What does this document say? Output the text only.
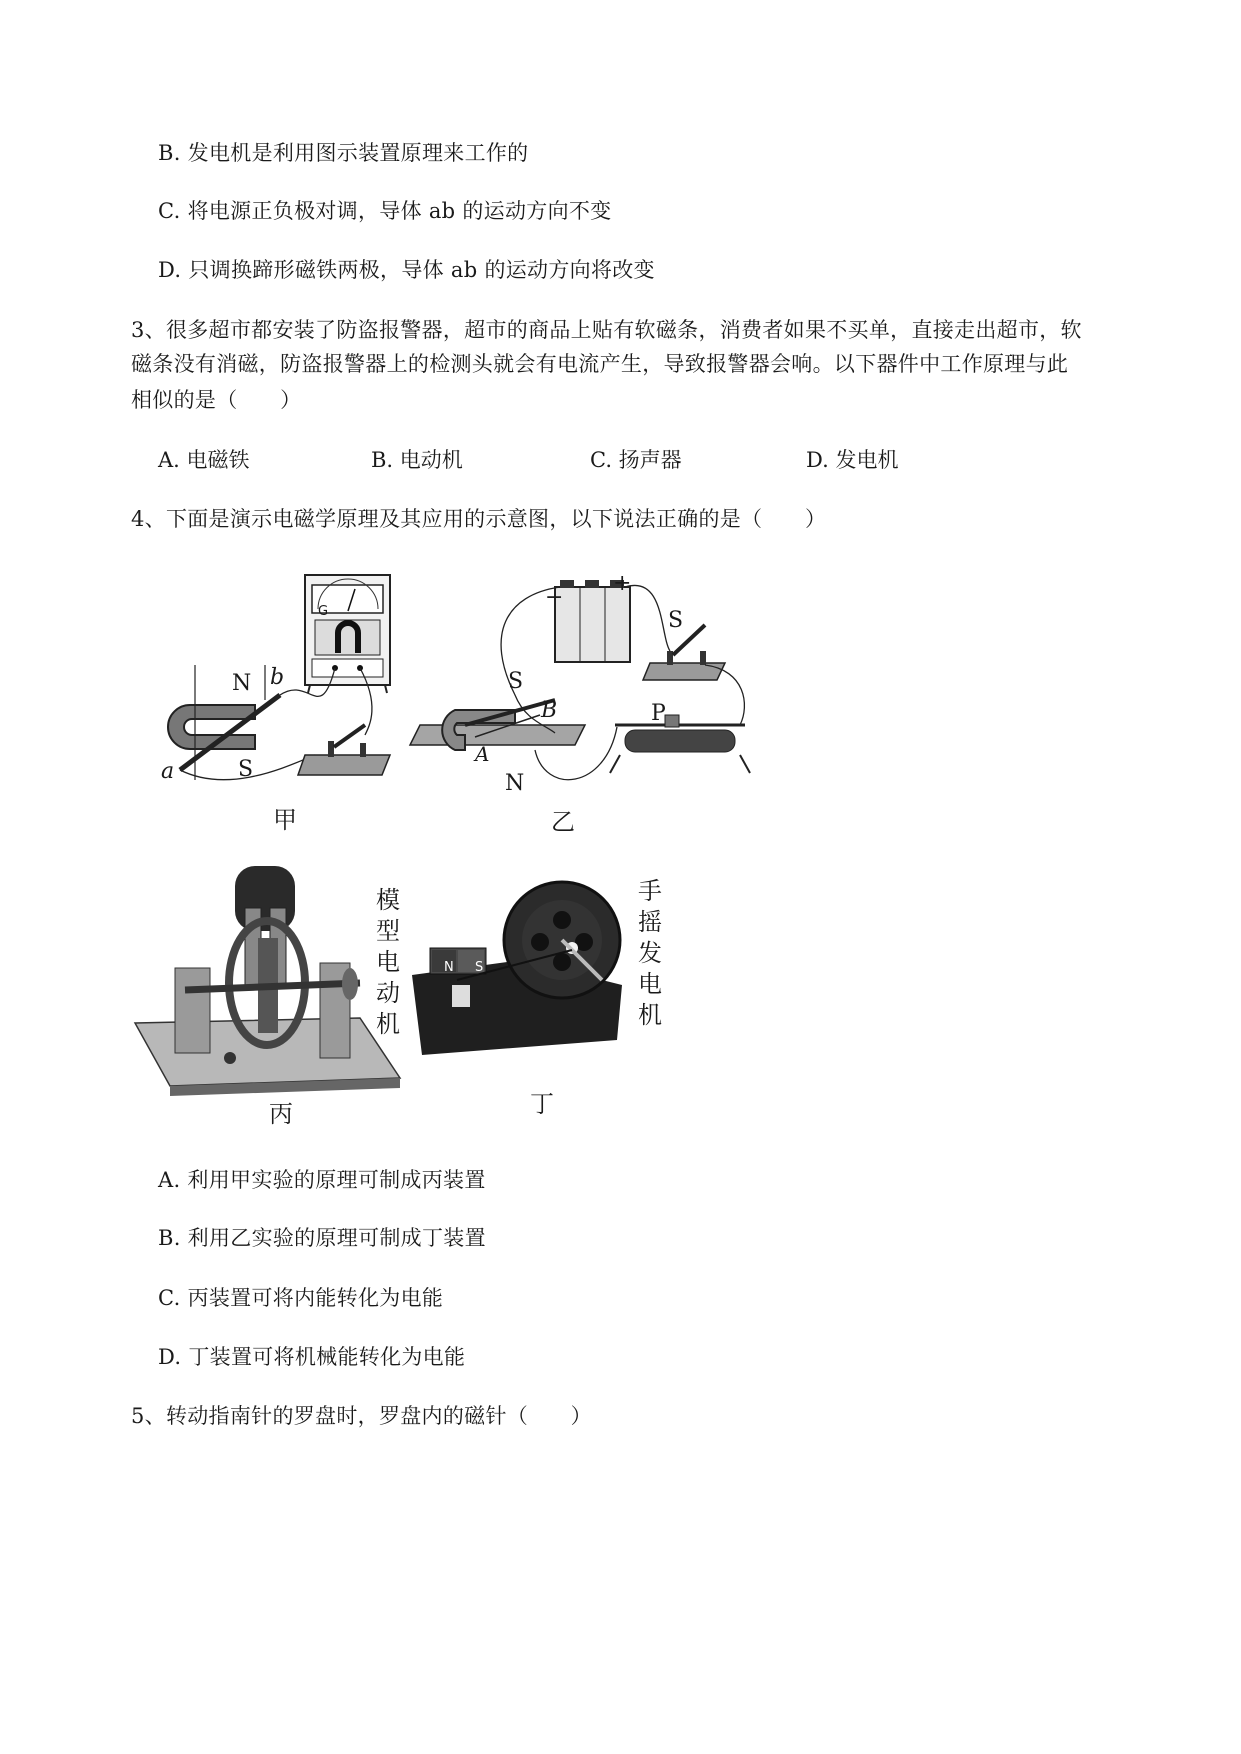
B. 发电机是利用图示装置原理来工作的
C. 将电源正负极对调，导体 ab 的运动方向不变
D. 只调换蹄形磁铁两极，导体 ab 的运动方向将改变
3、很多超市都安装了防盗报警器，超市的商品上贴有软磁条，消费者如果不买单，直接走出超市，软
磁条没有消磁，防盗报警器上的检测头就会有电流产生，导致报警器会响。以下器件中工作原理与此
相似的是（　　）
A. 电磁铁	B. 电动机	C. 扬声器	D. 发电机
4、下面是演示电磁学原理及其应用的示意图，以下说法正确的是（　　）
G
N b
a	S
甲
−
+
S
S
B
A
P
N
乙
模型电动机
丙
N S
手摇发电机
丁
A. 利用甲实验的原理可制成丙装置
B. 利用乙实验的原理可制成丁装置
C. 丙装置可将内能转化为电能
D. 丁装置可将机械能转化为电能
5、转动指南针的罗盘时，罗盘内的磁针（　　）
